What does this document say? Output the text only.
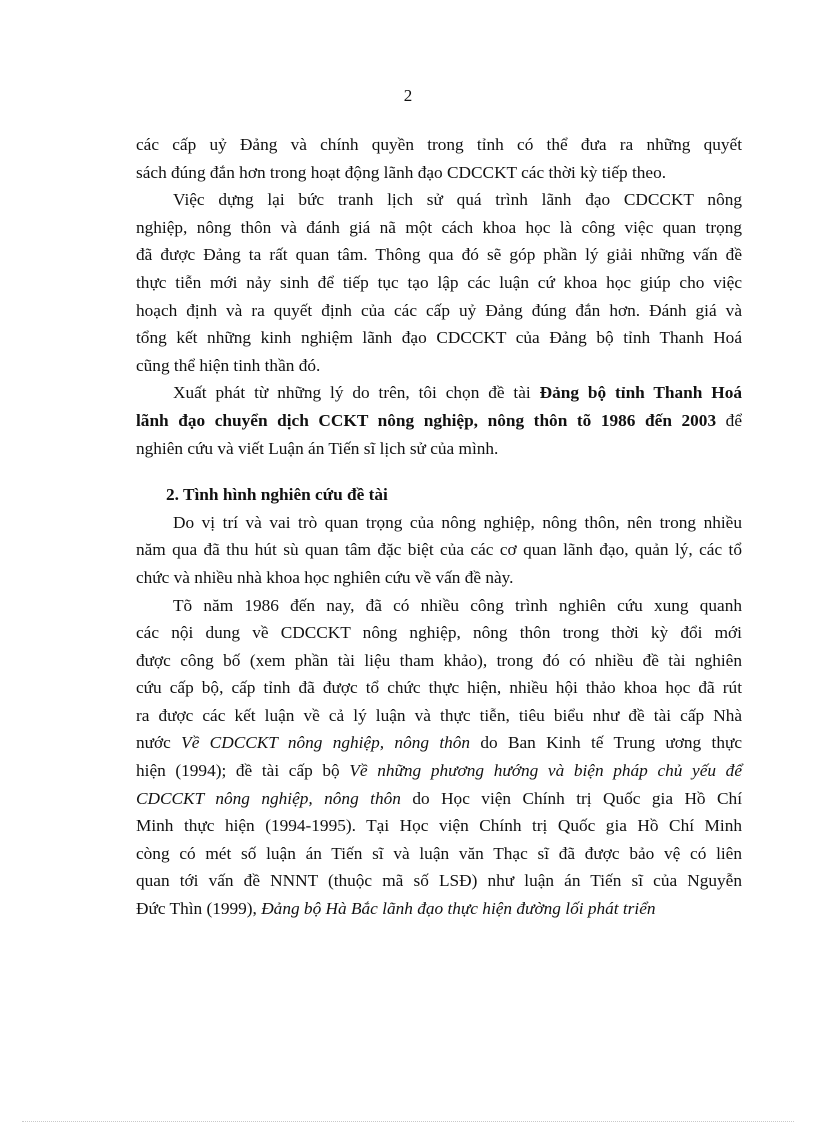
2

các cấp uỷ Đảng và chính quyền trong tỉnh có thể đưa ra những quyết

sách đúng đắn hơn trong hoạt động lãnh đạo CDCCKT các thời kỳ tiếp theo.

Việc dựng lại bức tranh lịch sử quá trình lãnh đạo CDCCKT nông

nghiệp, nông thôn và đánh giá nã một cách khoa học là công việc quan trọng

đã được Đảng ta rất quan tâm. Thông qua đó sẽ góp phần lý giải những vấn đề

thực tiễn mới nảy sinh để tiếp tục tạo lập các luận cứ khoa học giúp cho việc

hoạch định và ra quyết định của các cấp uỷ Đảng đúng đắn hơn. Đánh giá và

tổng kết những kinh nghiệm lãnh đạo CDCCKT của Đảng bộ tỉnh Thanh Hoá

cũng thể hiện tinh thần đó.

Xuất phát từ những lý do trên, tôi chọn đề tài Đảng bộ tỉnh Thanh Hoá

lãnh đạo chuyển dịch CCKT nông nghiệp, nông thôn tõ 1986 đến 2003 để

nghiên cứu và viết Luận án Tiến sĩ lịch sử của mình.

2. Tình hình nghiên cứu đề tài

Do vị trí và vai trò quan trọng của nông nghiệp, nông thôn, nên trong nhiều

năm qua đã thu hút sù quan tâm đặc biệt của các cơ quan lãnh đạo, quản lý, các tổ

chức và nhiều nhà khoa học nghiên cứu về vấn đề này.

Tõ năm 1986 đến nay, đã có nhiều công trình nghiên cứu xung quanh

các nội dung về CDCCKT nông nghiệp, nông thôn trong thời kỳ đổi mới

được công bố (xem phần tài liệu tham khảo), trong đó có nhiều đề tài nghiên

cứu cấp bộ, cấp tỉnh đã được tổ chức thực hiện, nhiều hội thảo khoa học đã rút

ra được các kết luận về cả lý luận và thực tiễn, tiêu biểu như đề tài cấp Nhà

nước Về CDCCKT nông nghiệp, nông thôn do Ban Kinh tế Trung ương thực

hiện (1994); đề tài cấp bộ Về những phương hướng và biện pháp chủ yếu để

CDCCKT nông nghiệp, nông thôn do Học viện Chính trị Quốc gia Hồ Chí

Minh thực hiện (1994-1995). Tại Học viện Chính trị Quốc gia Hồ Chí Minh

còng có mét số luận án Tiến sĩ và luận văn Thạc sĩ đã được bảo vệ có liên

quan tới vấn đề NNNT (thuộc mã số LSĐ) như luận án Tiến sĩ của Nguyễn

Đức Thìn (1999), Đảng bộ Hà Bắc lãnh đạo thực hiện đường lối phát triển
